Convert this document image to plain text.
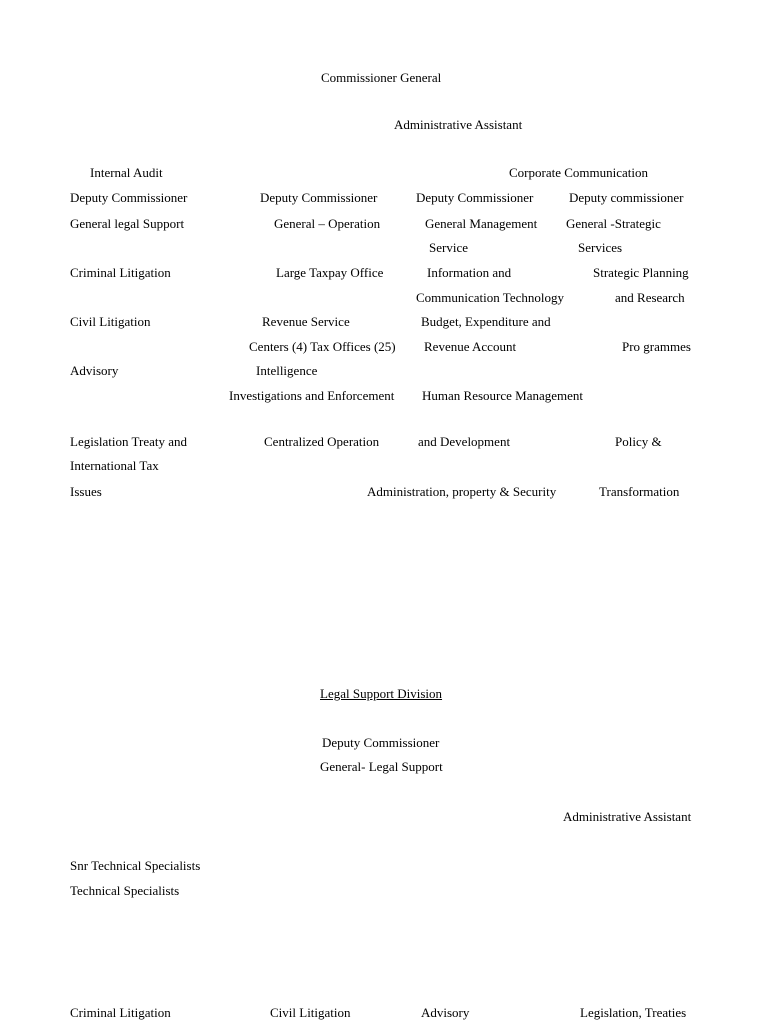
Commissioner General
Administrative Assistant
Internal Audit	Corporate Communication
Deputy Commissioner
General legal Support
Criminal Litigation
Civil Litigation
Advisory
Legislation Treaty and
International Tax
Issues
Deputy Commissioner
General – Operation
Large Taxpay Office
Revenue Service
Centers (4) Tax Offices (25)
Intelligence
Investigations and Enforcement
Centralized Operation
Deputy Commissioner
General Management
Service
Information and
Communication Technology
Budget, Expenditure and
Revenue Account
Human Resource Management
and Development
Administration, property & Security
Deputy commissioner
General -Strategic
Services
Strategic Planning
and Research
Pro grammes
Policy &
Transformation
Legal Support Division
Deputy Commissioner
General- Legal Support
Administrative Assistant
Snr Technical Specialists
Technical Specialists
Criminal Litigation	Civil Litigation	Advisory	Legislation, Treaties
